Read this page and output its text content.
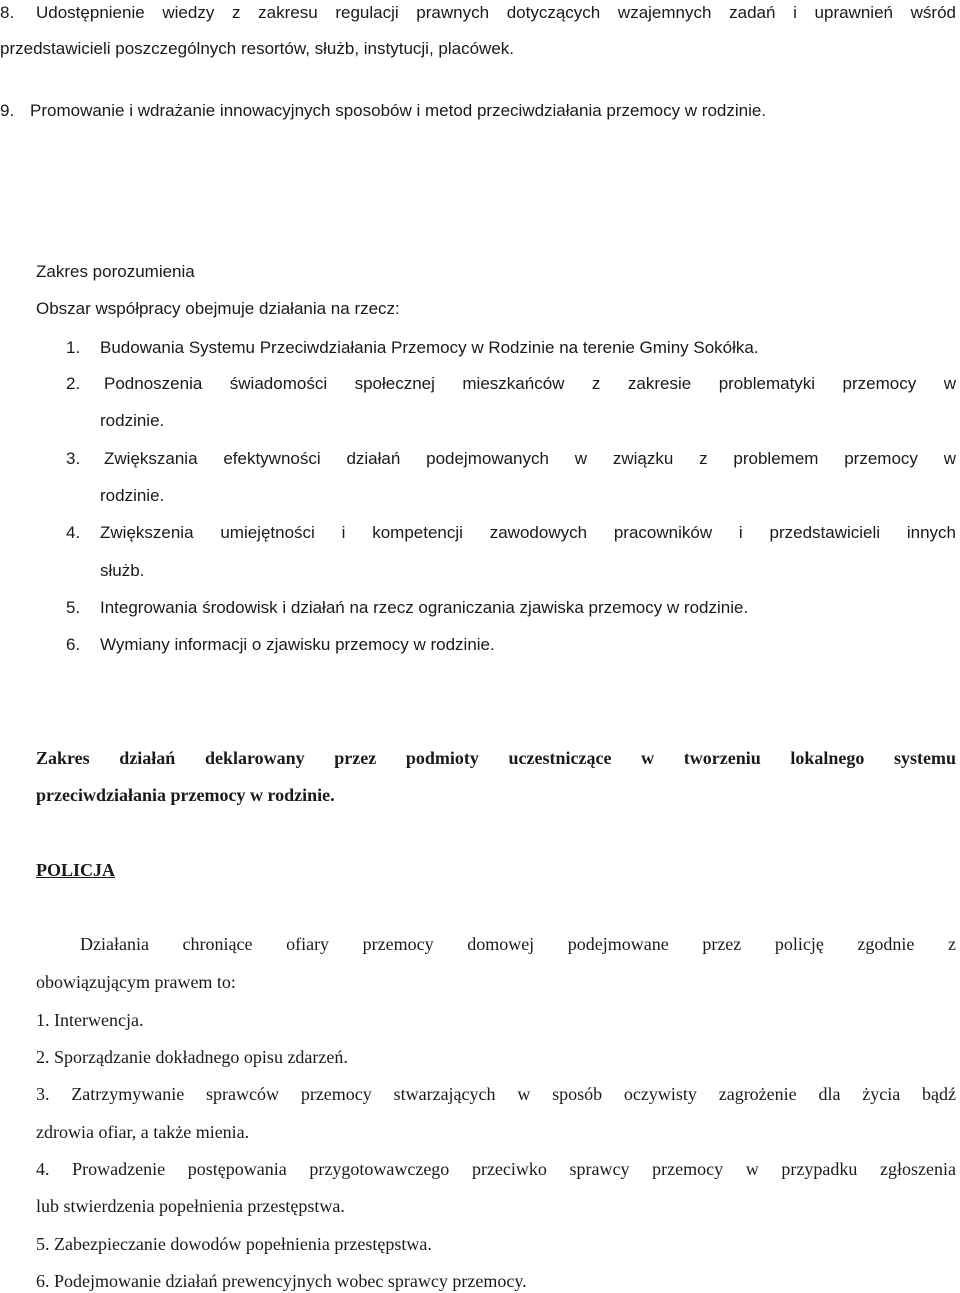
8. Udostępnienie wiedzy z zakresu regulacji prawnych dotyczących wzajemnych zadań i uprawnień wśród
przedstawicieli poszczególnych resortów, służb, instytucji, placówek.
9. Promowanie i wdrażanie innowacyjnych sposobów i metod przeciwdziałania przemocy w rodzinie.
Zakres porozumienia
Obszar współpracy obejmuje działania na rzecz:
1. Budowania Systemu Przeciwdziałania Przemocy w Rodzinie na terenie Gminy Sokółka.
2. Podnoszenia świadomości społecznej mieszkańców z zakresie problematyki przemocy w
rodzinie.
3. Zwiększania efektywności działań podejmowanych w związku z problemem przemocy w
rodzinie.
4. Zwiększenia umiejętności i kompetencji zawodowych pracowników i przedstawicieli innych
służb.
5. Integrowania środowisk i działań na rzecz ograniczania zjawiska przemocy w rodzinie.
6. Wymiany informacji o zjawisku przemocy w rodzinie.
Zakres działań deklarowany przez podmioty uczestniczące w tworzeniu lokalnego systemu
przeciwdziałania przemocy w rodzinie.
POLICJA
Działania chroniące ofiary przemocy domowej podejmowane przez policję zgodnie z
obowiązującym prawem to:
1. Interwencja.
2. Sporządzanie dokładnego opisu zdarzeń.
3. Zatrzymywanie sprawców przemocy stwarzających w sposób oczywisty zagrożenie dla życia bądź
zdrowia ofiar, a także mienia.
4. Prowadzenie postępowania przygotowawczego przeciwko sprawcy przemocy w przypadku zgłoszenia
lub stwierdzenia popełnienia przestępstwa.
5. Zabezpieczanie dowodów popełnienia przestępstwa.
6. Podejmowanie działań prewencyjnych wobec sprawcy przemocy.
